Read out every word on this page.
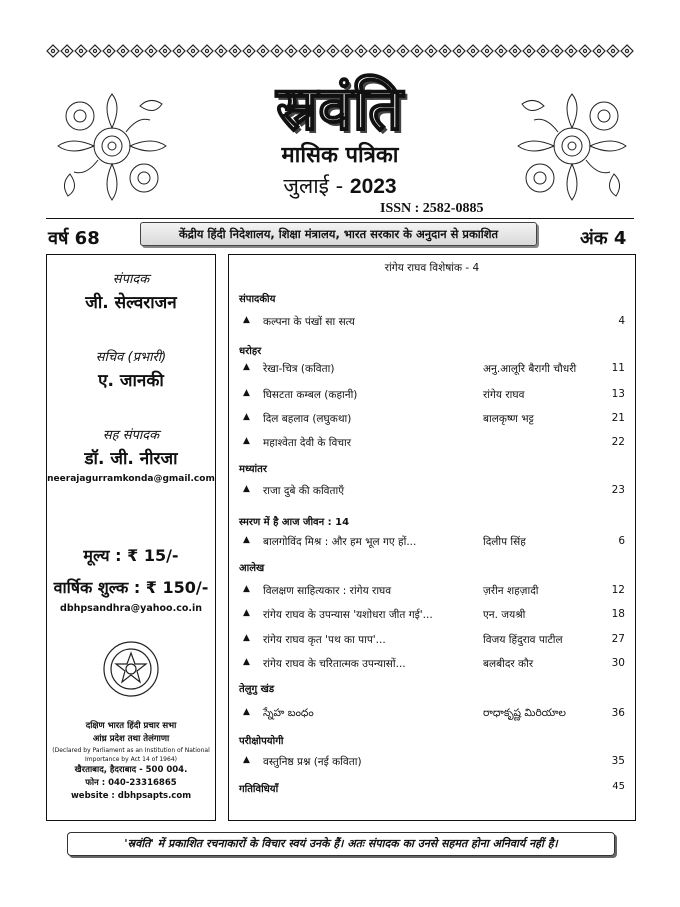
स्रवंति
मासिक पत्रिका
जुलाई - 2023
ISSN : 2582-0885
वर्ष 68	केंद्रीय हिंदी निदेशालय, शिक्षा मंत्रालय, भारत सरकार के अनुदान से प्रकाशित	अंक 4
संपादक
जी. सेल्वराजन
सचिव (प्रभारी)
ए. जानकी
सह संपादक
डॉ. जी. नीरजा
neerajagurramkonda@gmail.com
मूल्य : ₹ 15/-
वार्षिक शुल्क : ₹ 150/-
dbhpsandhra@yahoo.co.in
दक्षिण भारत हिंदी प्रचार सभा
आंध्र प्रदेश तथा तेलंगाणा
(Declared by Parliament as an Institution of National Importance by Act 14 of 1964)
खैरताबाद, हैदराबाद - 500 004.
फोन : 040-23316865
website : dbhpsapts.com
रांगेय राघव विशेषांक - 4
संपादकीय
▲ कल्पना के पंखों सा सत्य	4
धरोहर
▲ रेखा-चित्र (कविता)	अनु.आलूरि बैरागी चौधरी	11
▲ घिसटता कम्बल (कहानी)	रांगेय राघव	13
▲ दिल बहलाव (लघुकथा)	बालकृष्ण भट्ट	21
▲ महाश्वेता देवी के विचार	22
मध्यांतर
▲ राजा दुबे की कविताएँ	23
स्मरण में है आज जीवन : 14
▲ बालगोविंद मिश्र : और हम भूल गए हों...	दिलीप सिंह	6
आलेख
▲ विलक्षण साहित्यकार : रांगेय राघव	ज़रीन शहज़ादी	12
▲ रांगेय राघव के उपन्यास 'यशोधरा जीत गई'...	एन. जयश्री	18
▲ रांगेय राघव कृत 'पथ का पाप'...	विजय हिंदुराव पाटील	27
▲ रांगेय राघव के चरितात्मक उपन्यासों...	बलबीदर कौर	30
तेलुगु खंड
▲ స్నేహ బంధం	రాధాకృష్ణ మిరియాల	36
परीक्षोपयोगी
▲ वस्तुनिष्ठ प्रश्न (नई कविता)	35
गतिविधियाँ	45
'स्रवंति' में प्रकाशित रचनाकारों के विचार स्वयं उनके हैं। अतः संपादक का उनसे सहमत होना अनिवार्य नहीं है।
